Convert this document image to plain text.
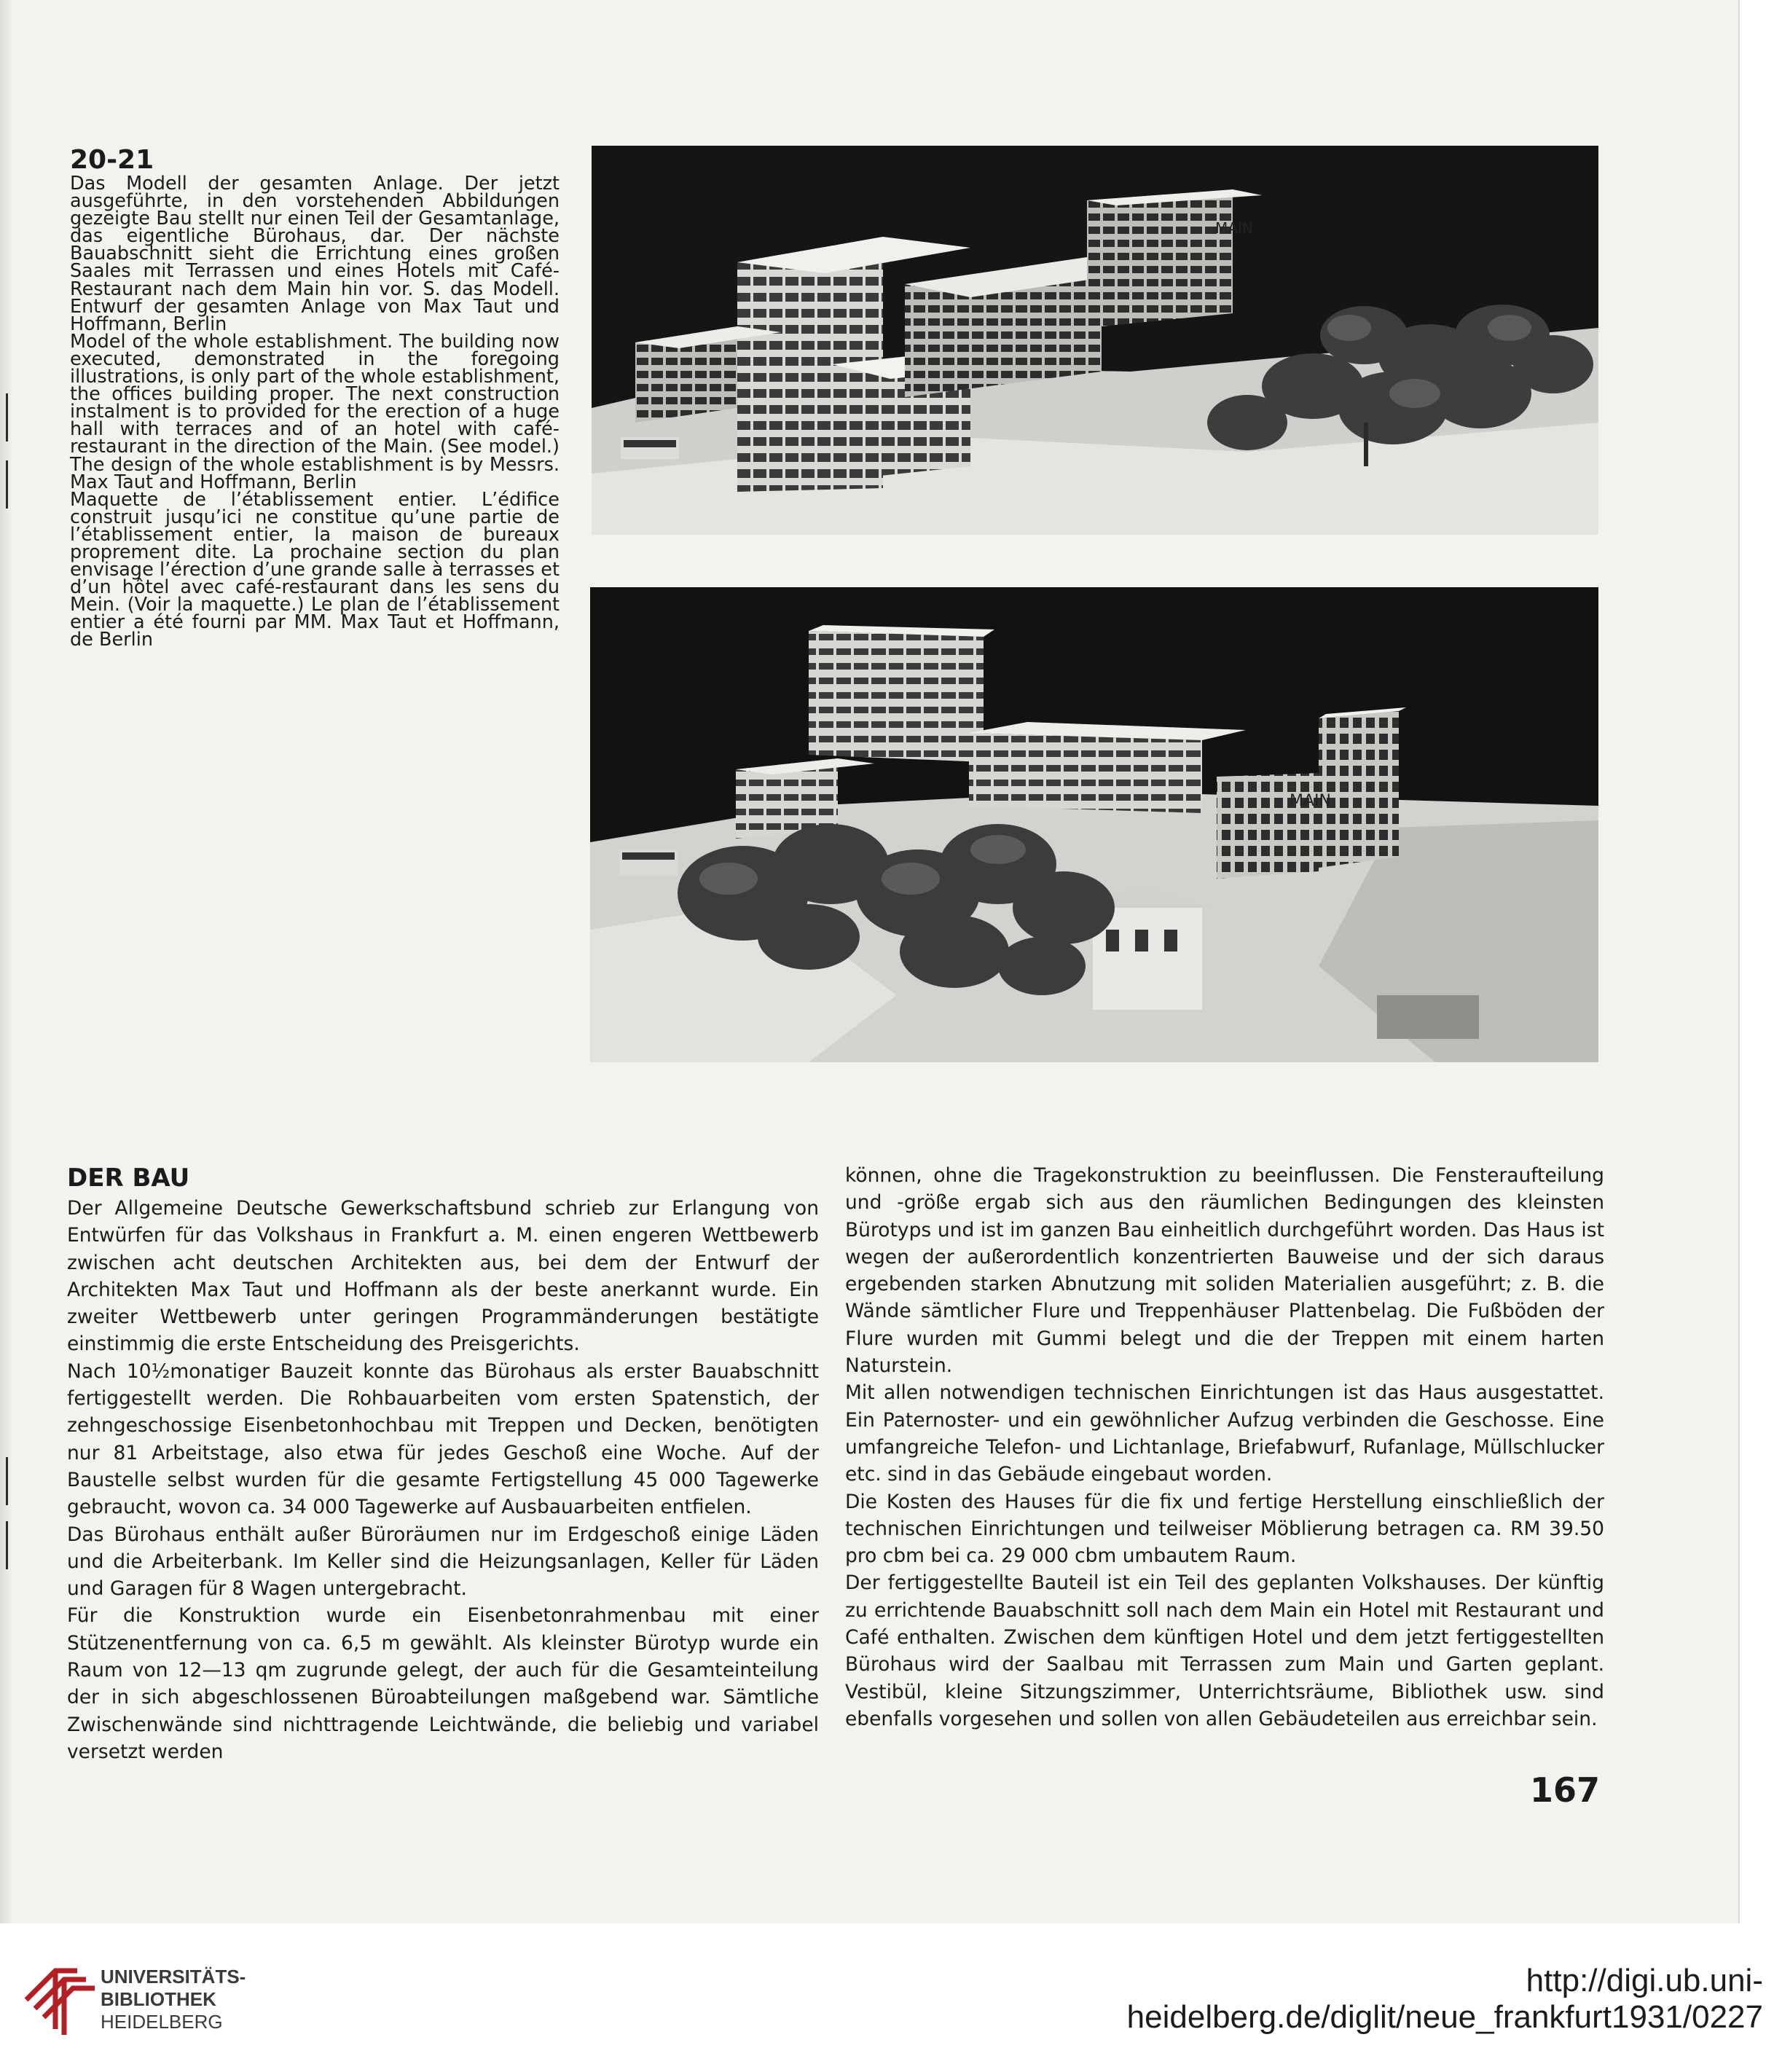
20-21

Das Modell der gesamten Anlage. Der jetzt ausgeführte, in den vorstehenden Abbildungen gezeigte Bau stellt nur einen Teil der Gesamtanlage, das eigentliche Bürohaus, dar. Der nächste Bauabschnitt sieht die Errichtung eines großen Saales mit Terrassen und eines Hotels mit Café-Restaurant nach dem Main hin vor. S. das Modell. Entwurf der gesamten Anlage von Max Taut und Hoffmann, Berlin

Model of the whole establishment. The building now executed, demonstrated in the foregoing illustrations, is only part of the whole establishment, the offices building proper. The next construction instalment is to provided for the erection of a huge hall with terraces and of an hotel with café-restaurant in the direction of the Main. (See model.) The design of the whole establishment is by Messrs. Max Taut and Hoffmann, Berlin

Maquette de l’établissement entier. L’édifice construit jusqu’ici ne constitue qu’une partie de l’établissement entier, la maison de bureaux proprement dite. La prochaine section du plan envisage l’érection d’une grande salle à terrasses et d’un hôtel avec café-restaurant dans les sens du Mein. (Voir la maquette.) Le plan de l’établissement entier a été fourni par MM. Max Taut et Hoffmann, de Berlin

MAIN
MAIN
DER BAU

Der Allgemeine Deutsche Gewerkschaftsbund schrieb zur Erlangung von Entwürfen für das Volkshaus in Frankfurt a. M. einen engeren Wettbewerb zwischen acht deutschen Architekten aus, bei dem der Entwurf der Architekten Max Taut und Hoffmann als der beste anerkannt wurde. Ein zweiter Wettbewerb unter geringen Programmänderungen bestätigte einstimmig die erste Entscheidung des Preisgerichts.

Nach 10½monatiger Bauzeit konnte das Bürohaus als erster Bauabschnitt fertiggestellt werden. Die Rohbauarbeiten vom ersten Spatenstich, der zehngeschossige Eisenbetonhochbau mit Treppen und Decken, benötigten nur 81 Arbeitstage, also etwa für jedes Geschoß eine Woche. Auf der Baustelle selbst wurden für die gesamte Fertigstellung 45 000 Tagewerke gebraucht, wovon ca. 34 000 Tagewerke auf Ausbauarbeiten entfielen.

Das Bürohaus enthält außer Büroräumen nur im Erdgeschoß einige Läden und die Arbeiterbank. Im Keller sind die Heizungsanlagen, Keller für Läden und Garagen für 8 Wagen untergebracht.

Für die Konstruktion wurde ein Eisenbetonrahmenbau mit einer Stützenentfernung von ca. 6,5 m gewählt. Als kleinster Bürotyp wurde ein Raum von 12—13 qm zugrunde gelegt, der auch für die Gesamteinteilung der in sich abgeschlossenen Büroabteilungen maßgebend war. Sämtliche Zwischenwände sind nichttragende Leichtwände, die beliebig und variabel versetzt werden

können, ohne die Tragekonstruktion zu beeinflussen. Die Fensteraufteilung und -größe ergab sich aus den räumlichen Bedingungen des kleinsten Bürotyps und ist im ganzen Bau einheitlich durchgeführt worden. Das Haus ist wegen der außerordentlich konzentrierten Bauweise und der sich daraus ergebenden starken Abnutzung mit soliden Materialien ausgeführt; z. B. die Wände sämtlicher Flure und Treppenhäuser Plattenbelag. Die Fußböden der Flure wurden mit Gummi belegt und die der Treppen mit einem harten Naturstein.

Mit allen notwendigen technischen Einrichtungen ist das Haus ausgestattet. Ein Paternoster- und ein gewöhnlicher Aufzug verbinden die Geschosse. Eine umfangreiche Telefon- und Lichtanlage, Briefabwurf, Rufanlage, Müllschlucker etc. sind in das Gebäude eingebaut worden.

Die Kosten des Hauses für die fix und fertige Herstellung einschließlich der technischen Einrichtungen und teilweiser Möblierung betragen ca. RM 39.50 pro cbm bei ca. 29 000 cbm umbautem Raum.

Der fertiggestellte Bauteil ist ein Teil des geplanten Volkshauses. Der künftig zu errichtende Bauabschnitt soll nach dem Main ein Hotel mit Restaurant und Café enthalten. Zwischen dem künftigen Hotel und dem jetzt fertiggestellten Bürohaus wird der Saalbau mit Terrassen zum Main und Garten geplant. Vestibül, kleine Sitzungszimmer, Unterrichtsräume, Bibliothek usw. sind ebenfalls vorgesehen und sollen von allen Gebäudeteilen aus erreichbar sein.

167
UNIVERSITÄTS-
BIBLIOTHEK
HEIDELBERG
http://digi.ub.uni-heidelberg.de/diglit/neue_frankfurt1931/0227
